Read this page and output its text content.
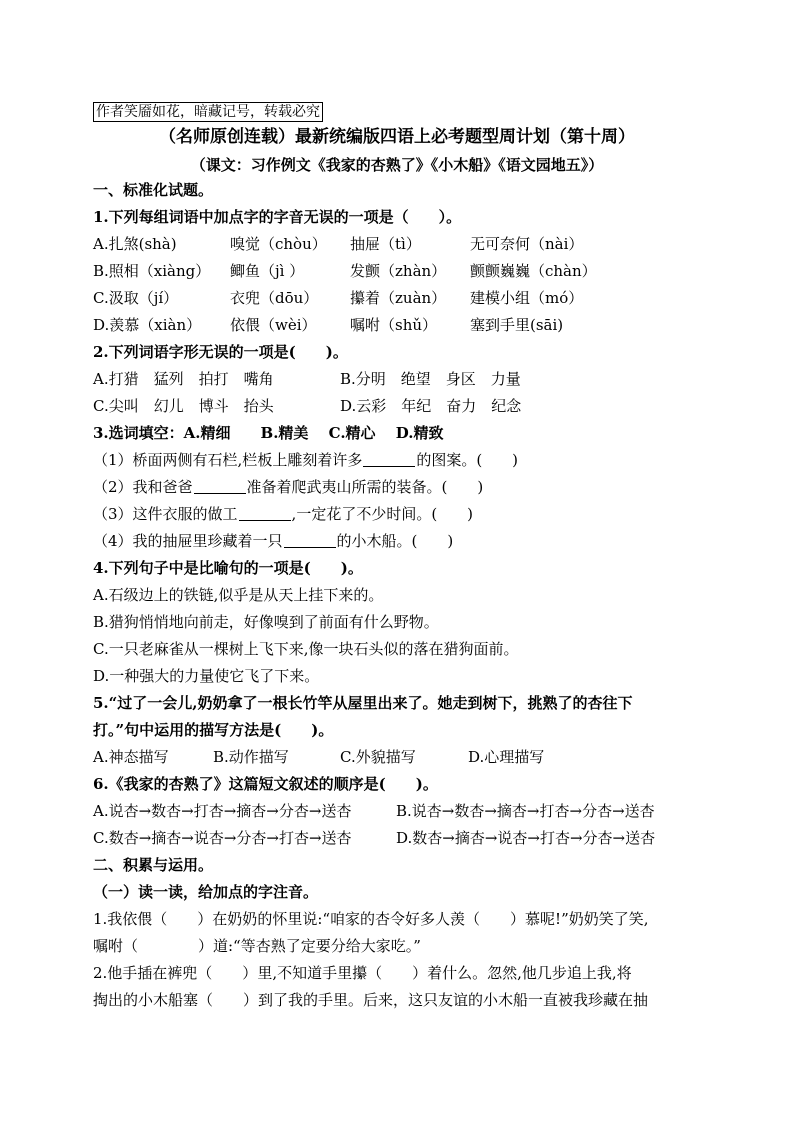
作者笑靥如花，暗藏记号，转载必究
（名师原创连载）最新统编版四语上必考题型周计划（第十周）
（课文：习作例文《我家的杏熟了》《小木船》《语文园地五》）
一、标准化试题。
1.下列每组词语中加点字的字音无误的一项是（　　）。
A.扎煞(shà)	嗅觉（chòu） 抽屉（tì）	无可奈何（nài）
B.照相（xiàng） 鲫鱼（jì ）	发颤（zhàn） 颤颤巍巍（chàn）
C.汲取（jí）	衣兜（dōu） 攥着（zuàn） 建模小组（mó）
D.羡慕（xiàn） 依偎（wèi） 嘱咐（shǔ） 塞到手里(sāi)
2.下列词语字形无误的一项是(　　)。
A.打猎　猛列　拍打　嘴角	B.分明　绝望　身区　力量
C.尖叫　幻儿　博斗　抬头	D.云彩　年纪　奋力　纪念
3.选词填空：A.精细　　B.精美　 C.精心　 D.精致
（1）桥面两侧有石栏,栏板上雕刻着许多	的图案。(　　)
（2）我和爸爸	准备着爬武夷山所需的装备。(　　)
（3）这件衣服的做工	,一定花了不少时间。(　　)
（4）我的抽屉里珍藏着一只	的小木船。(　　)
4.下列句子中是比喻句的一项是(　　)。
A.石级边上的铁链,似乎是从天上挂下来的。
B.猎狗悄悄地向前走，好像嗅到了前面有什么野物。
C.一只老麻雀从一棵树上飞下来,像一块石头似的落在猎狗面前。
D.一种强大的力量使它飞了下来。
5.“过了一会儿,奶奶拿了一根长竹竿从屋里出来了。她走到树下，挑熟了的杏往下
打。”句中运用的描写方法是(　　)。
A.神态描写	B.动作描写	C.外貌描写	D.心理描写
6.《我家的杏熟了》这篇短文叙述的顺序是(　　)。
A.说杏→数杏→打杏→摘杏→分杏→送杏	B.说杏→数杏→摘杏→打杏→分杏→送杏
C.数杏→摘杏→说杏→分杏→打杏→送杏	D.数杏→摘杏→说杏→打杏→分杏→送杏
二、积累与运用。
（一）读一读，给加点的字注音。
1.我依偎（　　）在奶奶的怀里说:“咱家的杏令好多人羡（　　）慕呢!”奶奶笑了笑,
嘱咐（　　　　）道:“等杏熟了定要分给大家吃。”
2.他手插在裤兜（　　）里,不知道手里攥（　　）着什么。忽然,他几步追上我,将
掏出的小木船塞（　　）到了我的手里。后来，这只友谊的小木船一直被我珍藏在抽
